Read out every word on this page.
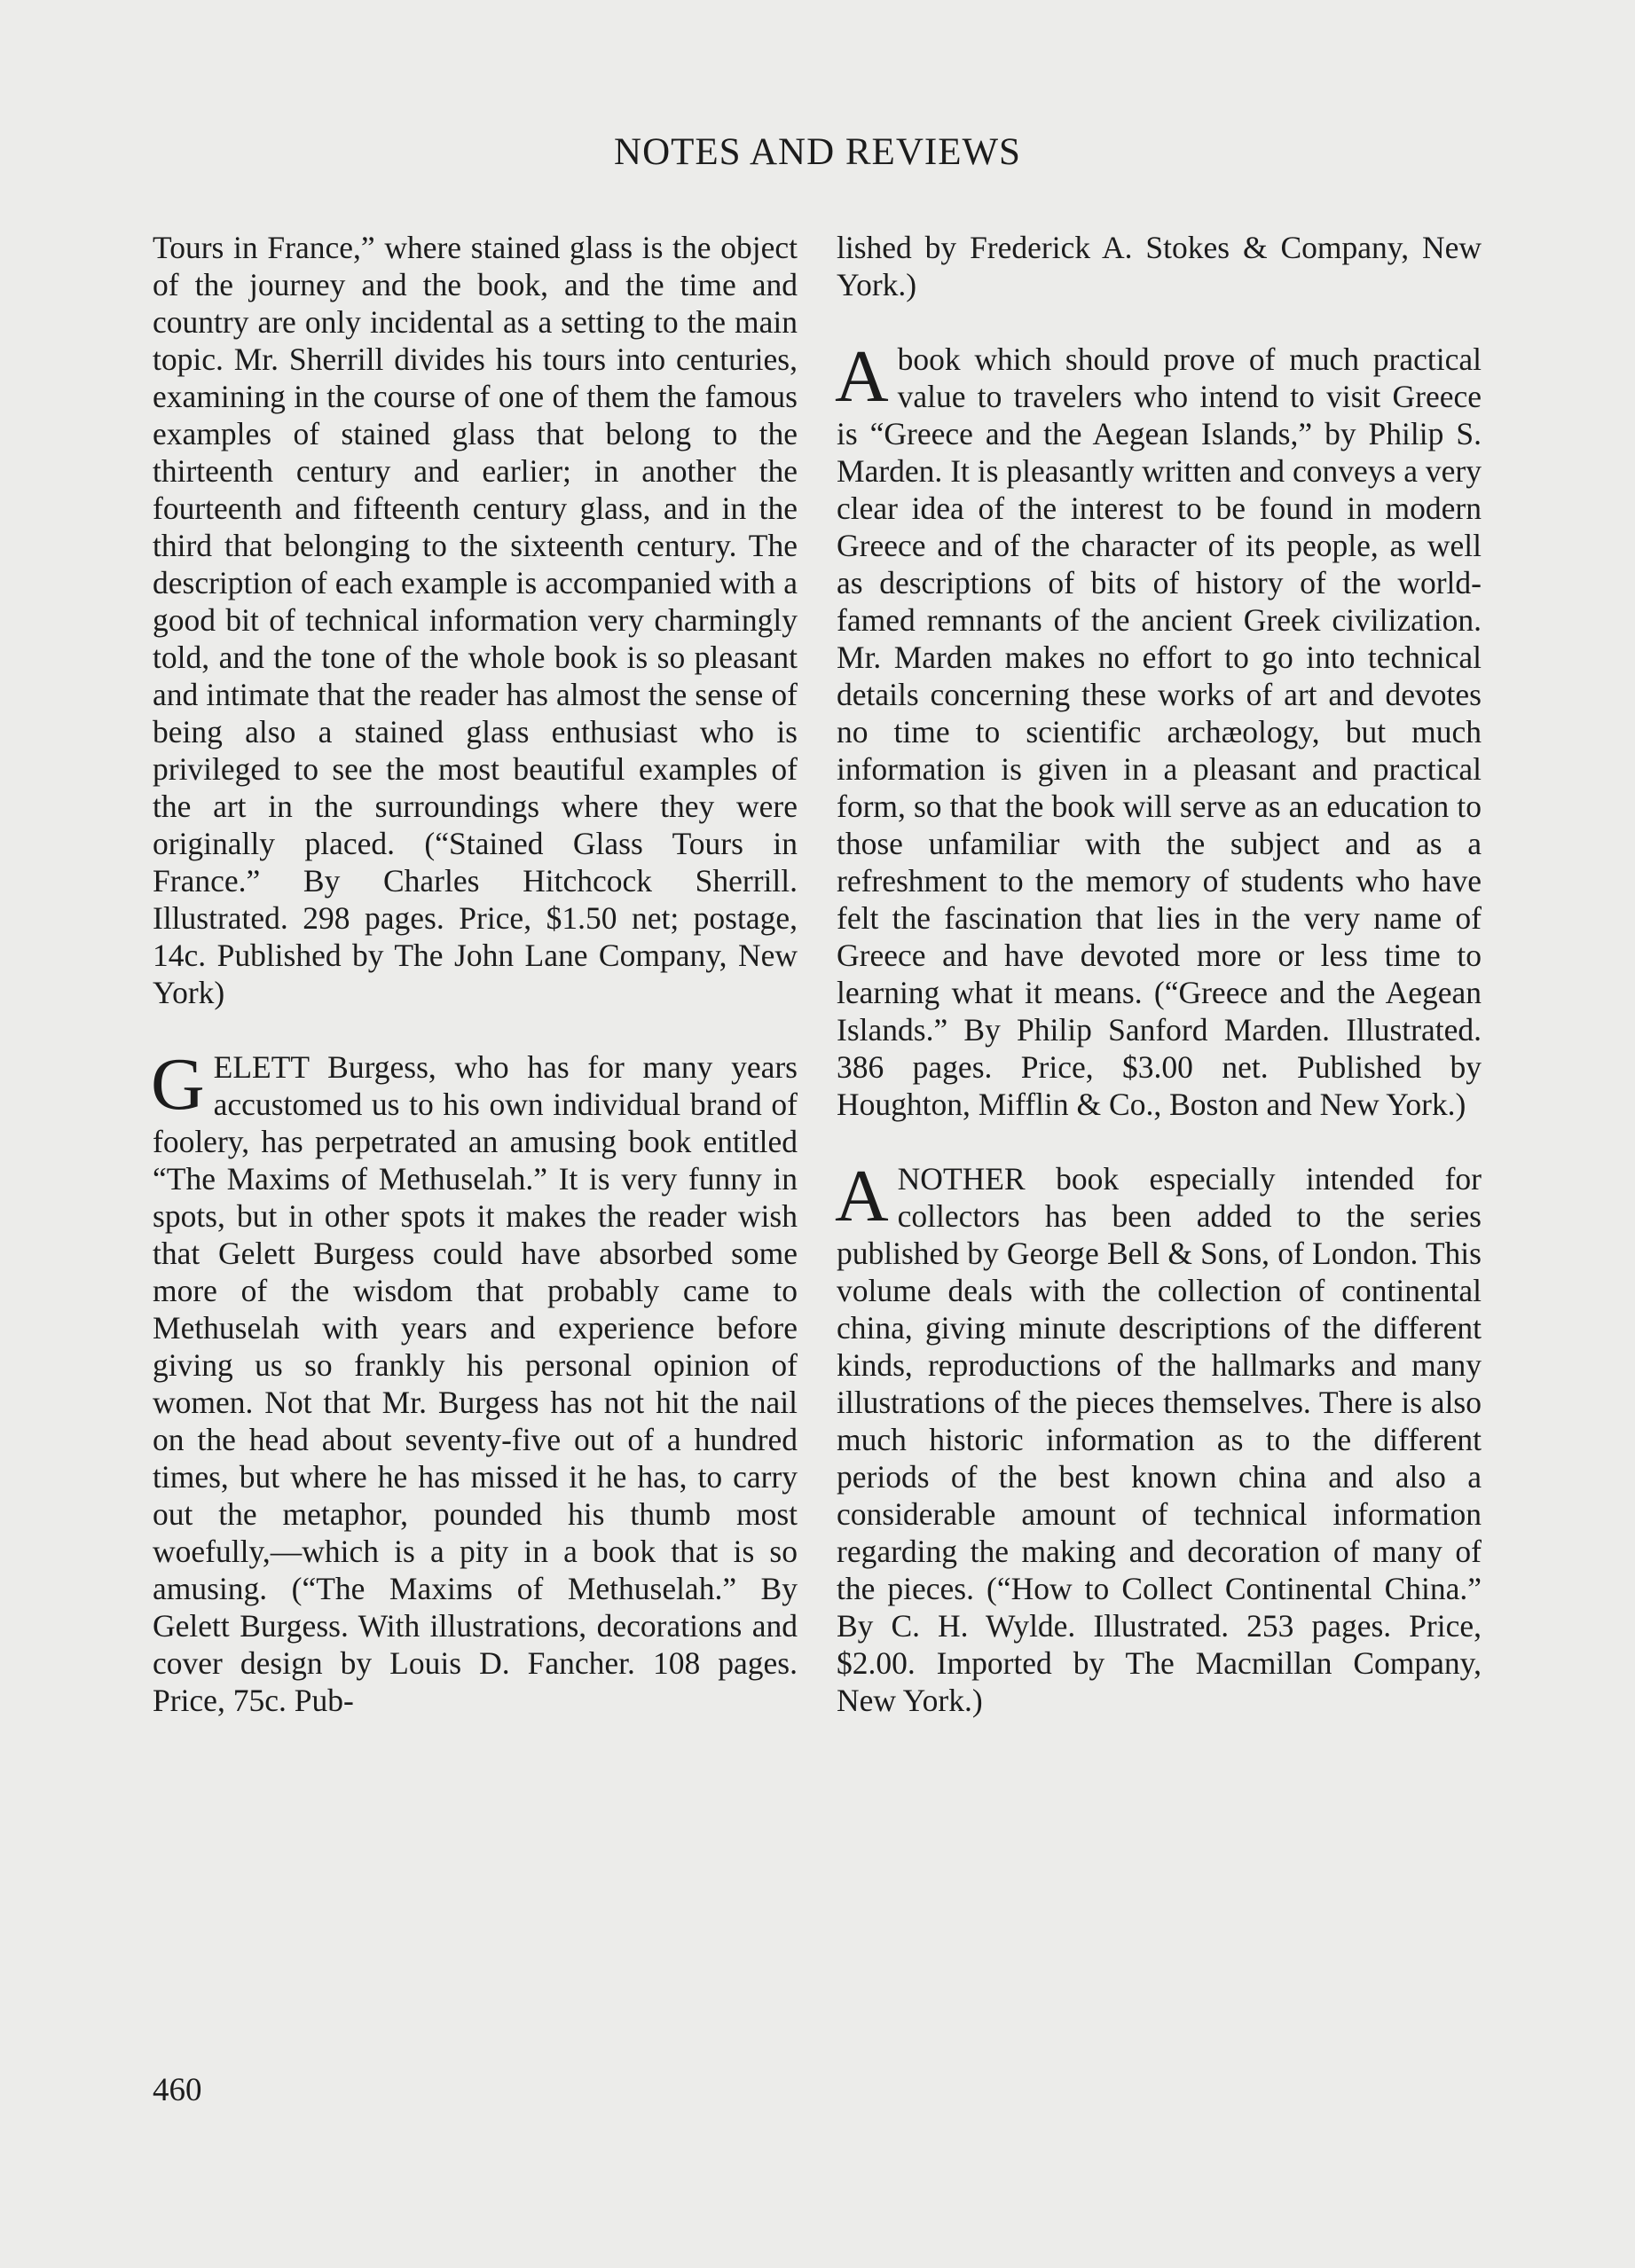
NOTES AND REVIEWS

Tours in France,” where stained glass is the object of the journey and the book, and the time and country are only incidental as a setting to the main topic. Mr. Sherrill divides his tours into centuries, examining in the course of one of them the famous examples of stained glass that belong to the thirteenth century and earlier; in another the fourteenth and fifteenth century glass, and in the third that belonging to the sixteenth century. The description of each example is accompanied with a good bit of technical information very charmingly told, and the tone of the whole book is so pleasant and intimate that the reader has almost the sense of being also a stained glass enthusiast who is privileged to see the most beautiful examples of the art in the surroundings where they were originally placed. (“Stained Glass Tours in France.” By Charles Hitchcock Sherrill. Illustrated. 298 pages. Price, $1.50 net; postage, 14c. Published by The John Lane Company, New York)

GELETT Burgess, who has for many years accustomed us to his own individual brand of foolery, has perpetrated an amusing book entitled “The Maxims of Methuselah.” It is very funny in spots, but in other spots it makes the reader wish that Gelett Burgess could have absorbed some more of the wisdom that probably came to Methuselah with years and experience before giving us so frankly his personal opinion of women. Not that Mr. Burgess has not hit the nail on the head about seventy-five out of a hundred times, but where he has missed it he has, to carry out the metaphor, pounded his thumb most woefully,—which is a pity in a book that is so amusing. (“The Maxims of Methuselah.” By Gelett Burgess. With illustrations, decorations and cover design by Louis D. Fancher. 108 pages. Price, 75c. Pub-

lished by Frederick A. Stokes & Company, New York.)

Abook which should prove of much practical value to travelers who intend to visit Greece is “Greece and the Aegean Islands,” by Philip S. Marden. It is pleasantly written and conveys a very clear idea of the interest to be found in modern Greece and of the character of its people, as well as descriptions of bits of history of the world-famed remnants of the ancient Greek civilization. Mr. Marden makes no effort to go into technical details concerning these works of art and devotes no time to scientific archæology, but much information is given in a pleasant and practical form, so that the book will serve as an education to those unfamiliar with the subject and as a refreshment to the memory of students who have felt the fascination that lies in the very name of Greece and have devoted more or less time to learning what it means. (“Greece and the Aegean Islands.” By Philip Sanford Marden. Illustrated. 386 pages. Price, $3.00 net. Published by Houghton, Mifflin & Co., Boston and New York.)

ANOTHER book especially intended for collectors has been added to the series published by George Bell & Sons, of London. This volume deals with the collection of continental china, giving minute descriptions of the different kinds, reproductions of the hallmarks and many illustrations of the pieces themselves. There is also much historic information as to the different periods of the best known china and also a considerable amount of technical information regarding the making and decoration of many of the pieces. (“How to Collect Continental China.” By C. H. Wylde. Illustrated. 253 pages. Price, $2.00. Imported by The Macmillan Company, New York.)

460
